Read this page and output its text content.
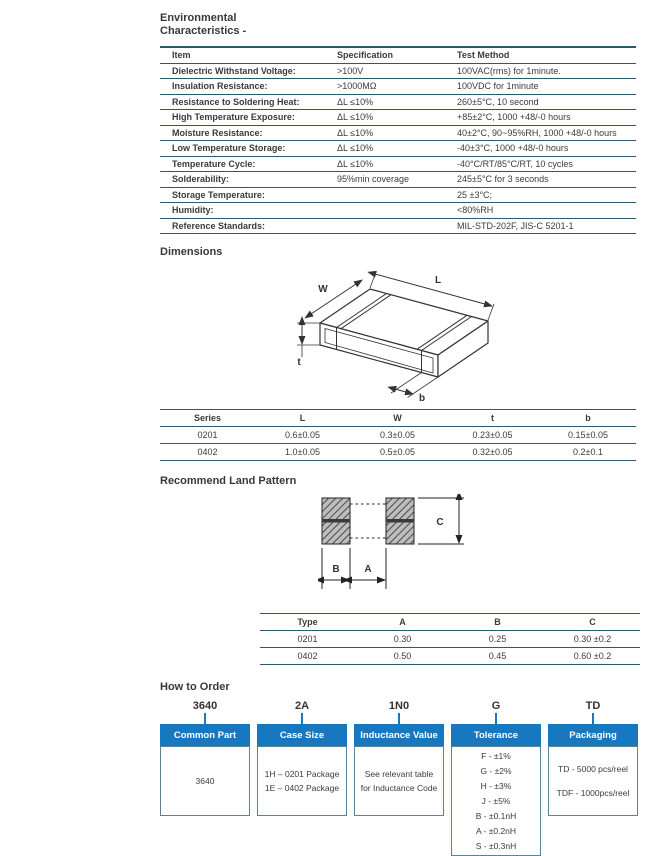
Environmental
Characteristics -
Item	Specification	Test Method
Dielectric Withstand Voltage:	>100V	100VAC(rms) for 1minute.
Insulation Resistance:	>1000MΩ	100VDC for 1minute
Resistance to Soldering Heat:	ΔL ≤10%	260±5°C, 10 second
High Temperature Exposure:	ΔL ≤10%	+85±2°C, 1000 +48/-0 hours
Moisture Resistance:	ΔL ≤10%	40±2°C, 90~95%RH, 1000 +48/-0 hours
Low Temperature Storage:	ΔL ≤10%	-40±3°C, 1000 +48/-0 hours
Temperature Cycle:	ΔL ≤10%	-40°C/RT/85°C/RT, 10 cycles
Solderability:	95%min coverage	245±5°C for 3 seconds
Storage Temperature:		25 ±3°C;
Humidity:		<80%RH
Reference Standards:		MIL-STD-202F, JIS-C 5201-1
Dimensions
L
W
t
b
Series	L	W	t	b
0201	0.6±0.05	0.3±0.05	0.23±0.05	0.15±0.05
0402	1.0±0.05	0.5±0.05	0.32±0.05	0.2±0.1
Recommend Land Pattern
C
B A
Type	A	B	C
0201	0.30	0.25	0.30 ±0.2
0402	0.50	0.45	0.60 ±0.2
How to Order
3640
Common Part
3640
2A
Case Size
1H – 0201 Package
1E – 0402 Package
1N0
Inductance Value
See relevant table
for Inductance Code
G
Tolerance
F - ±1%
G - ±2%
H - ±3%
J - ±5%
B - ±0.1nH
A - ±0.2nH
S - ±0.3nH
TD
Packaging
TD - 5000 pcs/reel
TDF - 1000pcs/reel
